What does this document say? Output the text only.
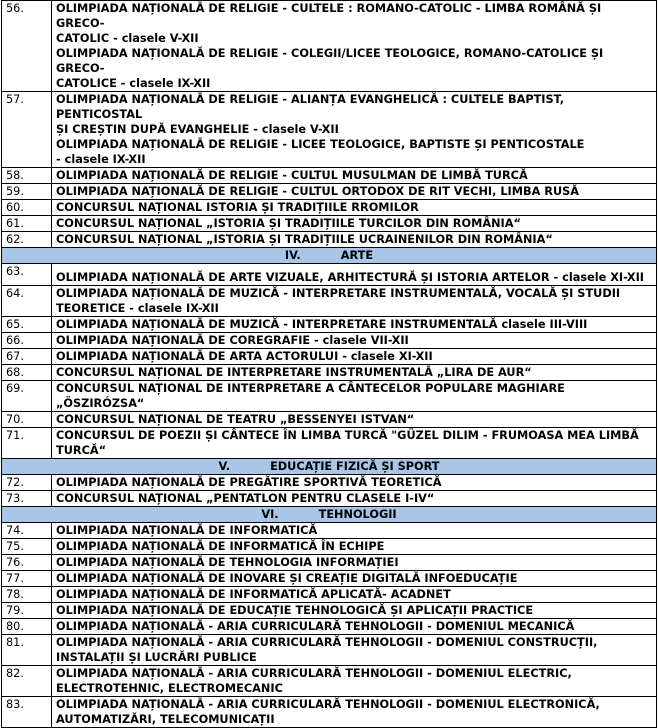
56.	OLIMPIADA NAȚIONALĂ DE RELIGIE - CULTELE : ROMANO-CATOLIC - LIMBA ROMÂNĂ ȘI GRECO-
CATOLIC - clasele V-XII
OLIMPIADA NAȚIONALĂ DE RELIGIE - COLEGII/LICEE TEOLOGICE, ROMANO-CATOLICE ȘI GRECO-
CATOLICE - clasele IX-XII

57.	OLIMPIADA NAȚIONALĂ DE RELIGIE - ALIANȚA EVANGHELICĂ : CULTELE BAPTIST, PENTICOSTAL
ȘI CREȘTIN DUPĂ EVANGHELIE - clasele V-XII
OLIMPIADA NAȚIONALĂ DE RELIGIE - LICEE TEOLOGICE, BAPTISTE ȘI PENTICOSTALE
- clasele IX-XII

58.	OLIMPIADA NAȚIONALĂ DE RELIGIE - CULTUL MUSULMAN DE LIMBĂ TURCĂ

59.	OLIMPIADA NAȚIONALĂ DE RELIGIE - CULTUL ORTODOX DE RIT VECHI, LIMBA RUSĂ

60.	CONCURSUL NAȚIONAL ISTORIA ȘI TRADIȚIILE RROMILOR

61.	CONCURSUL NAȚIONAL „ISTORIA ȘI TRADIȚIILE TURCILOR DIN ROMÂNIA“

62.	CONCURSUL NAȚIONAL „ISTORIA ȘI TRADIȚIILE UCRAINENILOR DIN ROMÂNIA“

IV. ARTE	
63.	OLIMPIADA NAȚIONALĂ DE ARTE VIZUALE, ARHITECTURĂ ȘI ISTORIA ARTELOR - clasele XI-XII

64.	OLIMPIADA NAȚIONALĂ DE MUZICĂ - INTERPRETARE INSTRUMENTALĂ, VOCALĂ ȘI STUDII
TEORETICE - clasele IX-XII

65.	OLIMPIADA NAȚIONALĂ DE MUZICĂ - INTERPRETARE INSTRUMENTALĂ clasele III-VIII

66.	OLIMPIADA NAȚIONALĂ DE COREGRAFIE - clasele VII-XII

67.	OLIMPIADA NAȚIONALĂ DE ARTA ACTORULUI - clasele XI-XII

68.	CONCURSUL NAȚIONAL DE INTERPRETARE INSTRUMENTALĂ „LIRA DE AUR“

69.	CONCURSUL NAȚIONAL DE INTERPRETARE A CÂNTECELOR POPULARE MAGHIARE „ÖSZIRÓZSA“

70.	CONCURSUL NAȚIONAL DE TEATRU „BESSENYEI ISTVAN“

71.	CONCURSUL DE POEZII ȘI CÂNTECE ÎN LIMBA TURCĂ "GÜZEL DILIM - FRUMOASA MEA LIMBĂ
TURCĂ“

V. EDUCAȚIE FIZICĂ ȘI SPORT	
72.	OLIMPIADA NAȚIONALĂ DE PREGĂTIRE SPORTIVĂ TEORETICĂ

73.	CONCURSUL NAȚIONAL „PENTATLON PENTRU CLASELE I-IV“

VI. TEHNOLOGII	
74.	OLIMPIADA NAȚIONALĂ DE INFORMATICĂ

75.	OLIMPIADA NAȚIONALĂ DE INFORMATICĂ ÎN ECHIPE

76.	OLIMPIADA NAȚIONALĂ DE TEHNOLOGIA INFORMAȚIEI

77.	OLIMPIADA NAȚIONALĂ DE INOVARE ȘI CREAȚIE DIGITALĂ INFOEDUCAȚIE

78.	OLIMPIADA NAȚIONALĂ DE INFORMATICĂ APLICATĂ- ACADNET

79.	OLIMPIADA NAȚIONALĂ DE EDUCAȚIE TEHNOLOGICĂ ȘI APLICAȚII PRACTICE

80.	OLIMPIADA NAȚIONALĂ - ARIA CURRICULARĂ TEHNOLOGII - DOMENIUL MECANICĂ

81.	OLIMPIADA NAȚIONALĂ - ARIA CURRICULARĂ TEHNOLOGII - DOMENIUL CONSTRUCȚII,
INSTALAȚII ȘI LUCRĂRI PUBLICE

82.	OLIMPIADA NAȚIONALĂ - ARIA CURRICULARĂ TEHNOLOGII - DOMENIUL ELECTRIC,
ELECTROTEHNIC, ELECTROMECANIC

83.	OLIMPIADA NAȚIONALĂ - ARIA CURRICULARĂ TEHNOLOGII - DOMENIUL ELECTRONICĂ,
AUTOMATIZĂRI, TELECOMUNICAȚII
